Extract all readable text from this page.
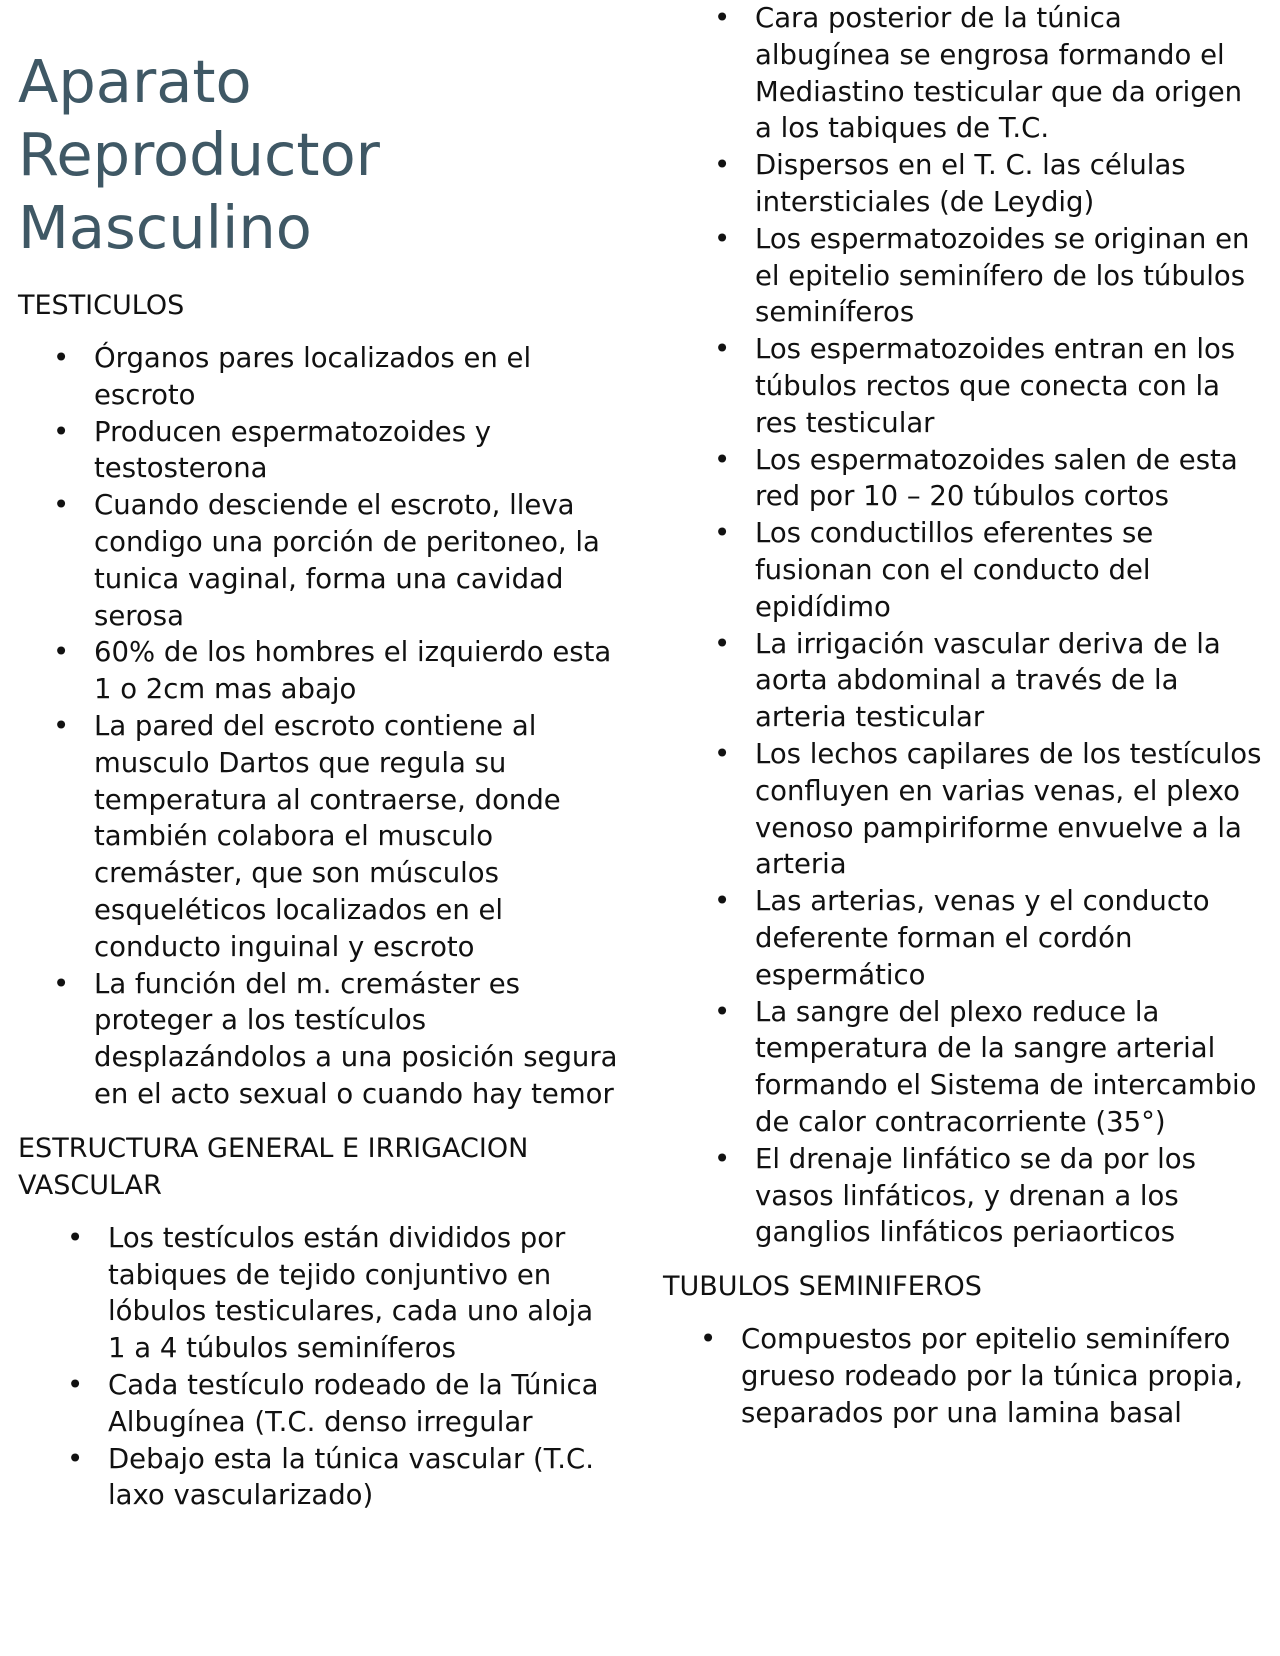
Aparato
Reproductor
Masculino
TESTICULOS
• Órganos pares localizados en el escroto
• Producen espermatozoides y testosterona
• Cuando desciende el escroto, lleva condigo una porción de peritoneo, la tunica vaginal, forma una cavidad serosa
• 60% de los hombres el izquierdo esta 1 o 2cm mas abajo
• La pared del escroto contiene al musculo Dartos que regula su temperatura al contraerse, donde también colabora el musculo cremáster, que son músculos esqueléticos localizados en el conducto inguinal y escroto
• La función del m. cremáster es proteger a los testículos desplazándolos a una posición segura en el acto sexual o cuando hay temor
ESTRUCTURA GENERAL E IRRIGACION VASCULAR
• Los testículos están divididos por tabiques de tejido conjuntivo en lóbulos testiculares, cada uno aloja 1 a 4 túbulos seminíferos
• Cada testículo rodeado de la Túnica Albugínea (T.C. denso irregular
• Debajo esta la túnica vascular (T.C. laxo vascularizado)
• Cara posterior de la túnica albugínea se engrosa formando el Mediastino testicular que da origen a los tabiques de T.C.
• Dispersos en el T. C. las células intersticiales (de Leydig)
• Los espermatozoides se originan en el epitelio seminífero de los túbulos seminíferos
• Los espermatozoides entran en los túbulos rectos que conecta con la res testicular
• Los espermatozoides salen de esta red por 10 – 20 túbulos cortos
• Los conductillos eferentes se fusionan con el conducto del epidídimo
• La irrigación vascular deriva de la aorta abdominal a través de la arteria testicular
• Los lechos capilares de los testículos confluyen en varias venas, el plexo venoso pampiriforme envuelve a la arteria
• Las arterias, venas y el conducto deferente forman el cordón espermático
• La sangre del plexo reduce la temperatura de la sangre arterial formando el Sistema de intercambio de calor contracorriente (35°)
• El drenaje linfático se da por los vasos linfáticos, y drenan a los ganglios linfáticos periaorticos
TUBULOS SEMINIFEROS
• Compuestos por epitelio seminífero grueso rodeado por la túnica propia, separados por una lamina basal
